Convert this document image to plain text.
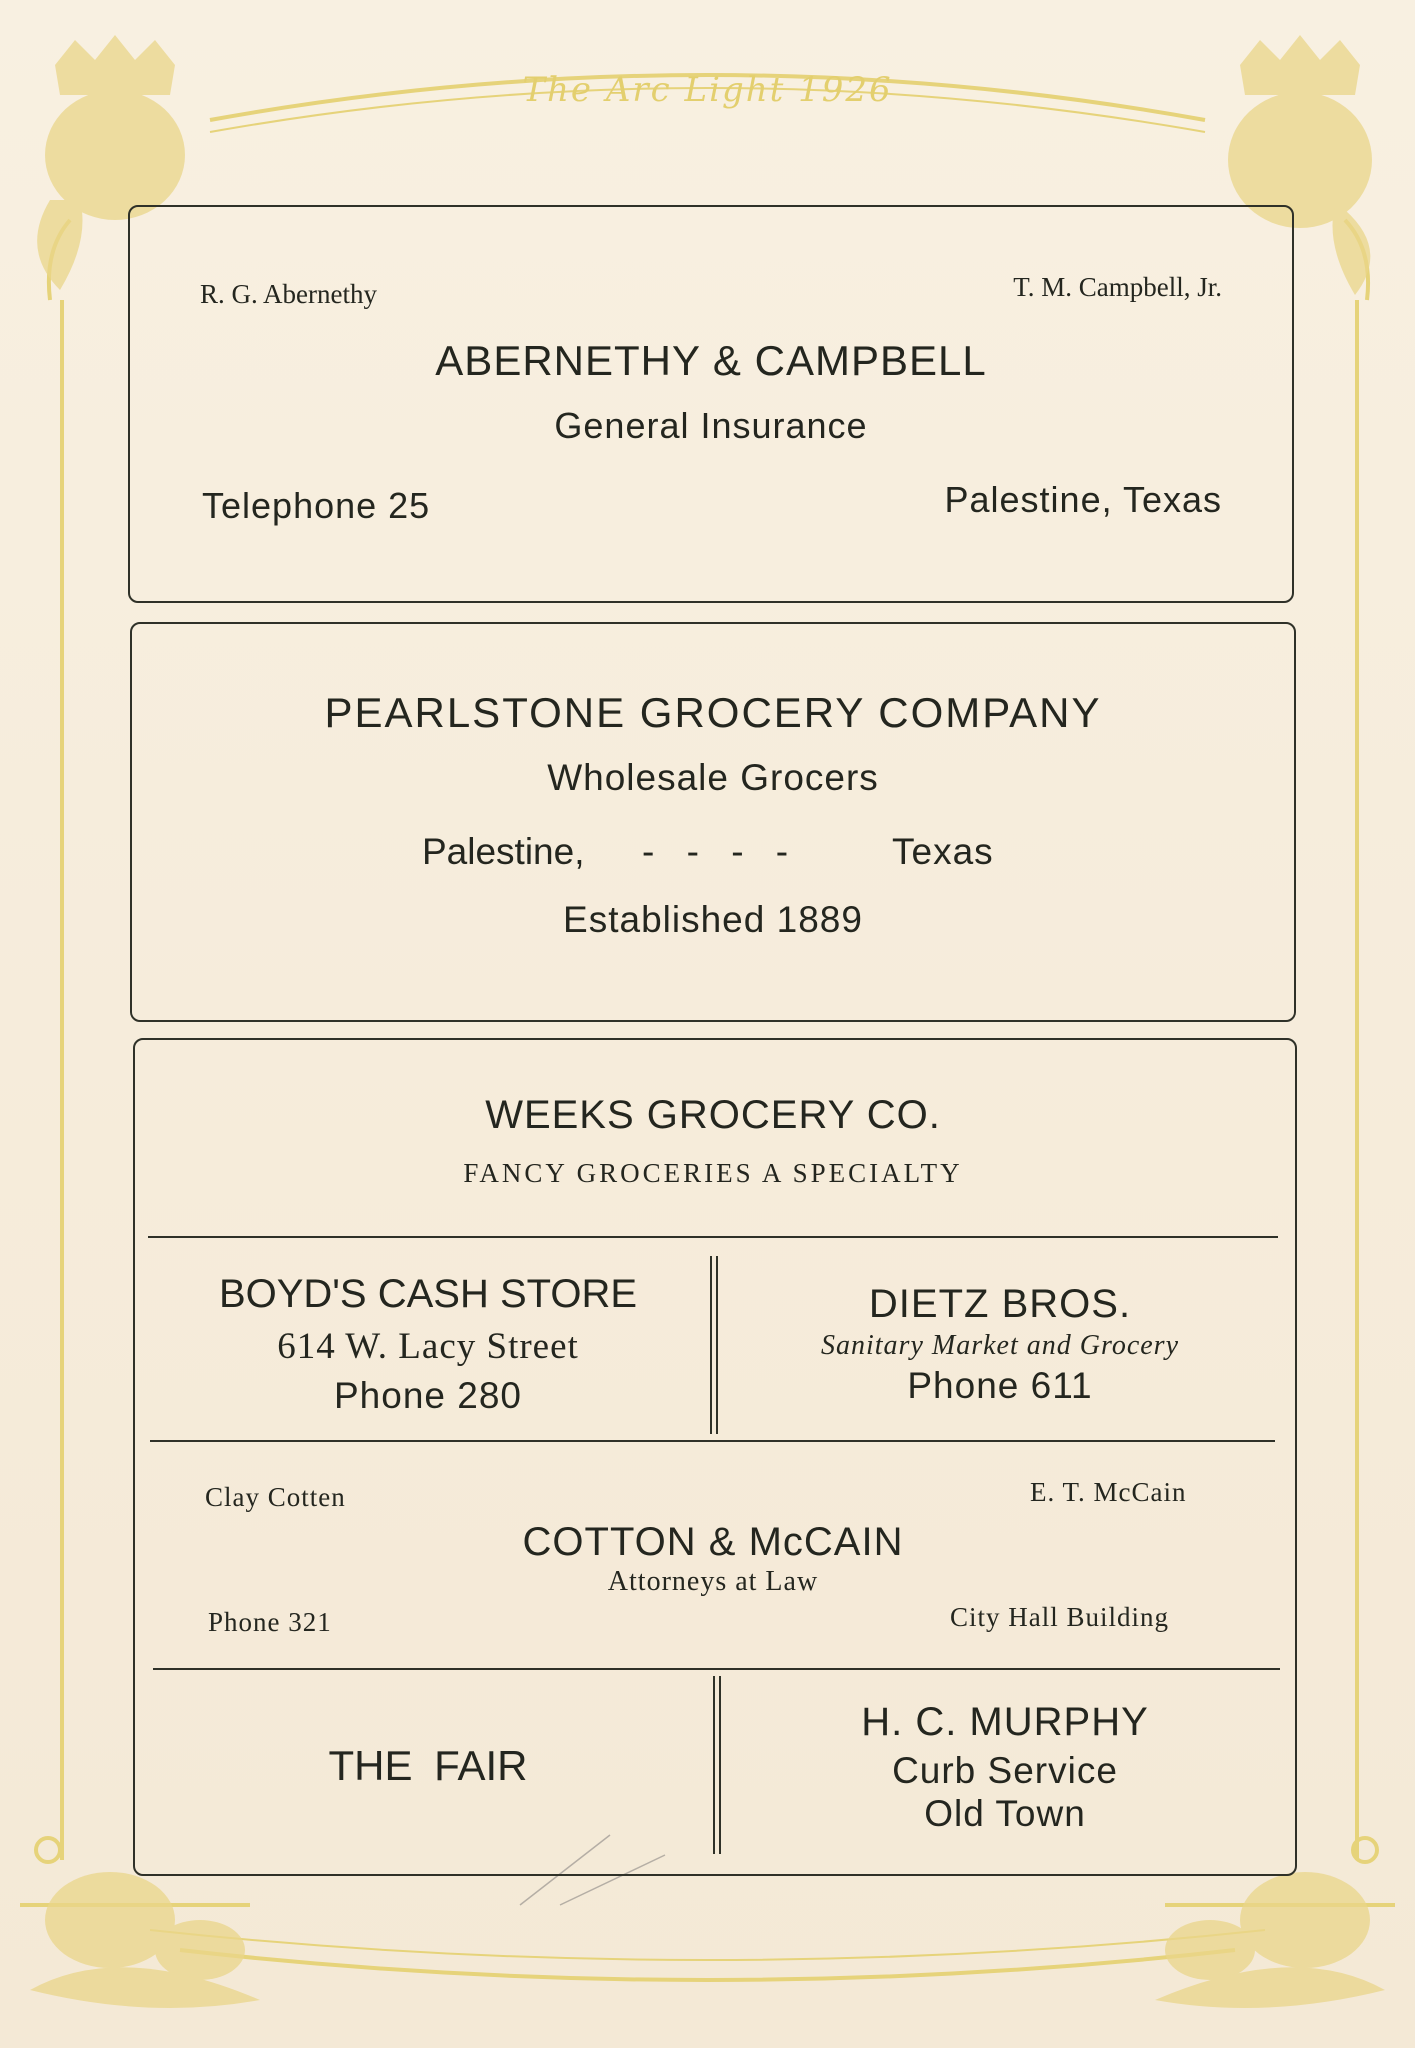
The Arc Light 1926
R. G. Abernethy	T. M. Campbell, Jr.
ABERNETHY & CAMPBELL
General Insurance
Telephone 25	Palestine, Texas
PEARLSTONE GROCERY COMPANY
Wholesale Grocers
Palestine, - - - -	Texas
Established 1889
WEEKS GROCERY CO.
FANCY GROCERIES A SPECIALTY
BOYD'S CASH STORE
614 W. Lacy Street
Phone 280
DIETZ BROS.
Sanitary Market and Grocery
Phone 611
Clay Cotten	E. T. McCain
COTTON & McCAIN
Attorneys at Law
Phone 321	City Hall Building
THE FAIR
H. C. MURPHY
Curb Service
Old Town
